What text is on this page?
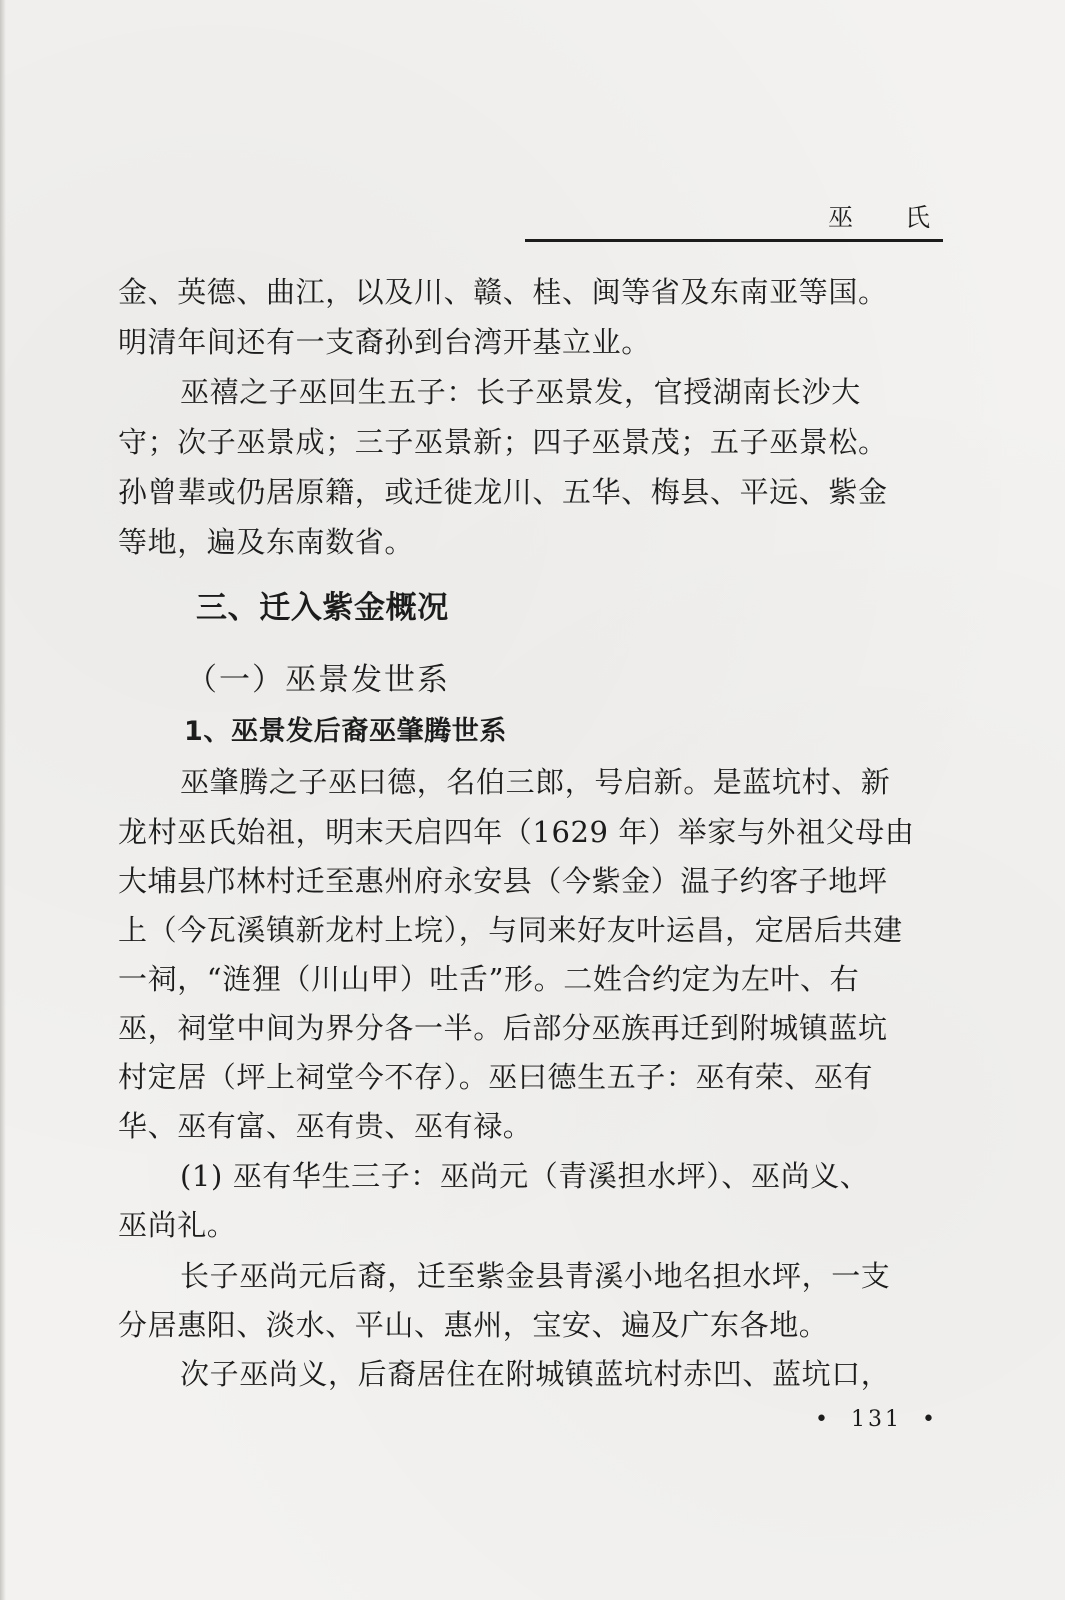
巫 氏
金、英德、曲江，以及川、赣、桂、闽等省及东南亚等国。
明清年间还有一支裔孙到台湾开基立业。
巫禧之子巫回生五子：长子巫景发，官授湖南长沙大
守；次子巫景成；三子巫景新；四子巫景茂；五子巫景松。
孙曾辈或仍居原籍，或迁徙龙川、五华、梅县、平远、紫金
等地，遍及东南数省。
三、迁入紫金概况
（一）巫景发世系
1、巫景发后裔巫肇腾世系
巫肇腾之子巫曰德，名伯三郎，号启新。是蓝坑村、新
龙村巫氏始祖，明末天启四年（1629 年）举家与外祖父母由
大埔县邝林村迁至惠州府永安县（今紫金）温子约客子地坪
上（今瓦溪镇新龙村上垸），与同来好友叶运昌，定居后共建
一祠，“涟狸（川山甲）吐舌”形。二姓合约定为左叶、右
巫，祠堂中间为界分各一半。后部分巫族再迁到附城镇蓝坑
村定居（坪上祠堂今不存）。巫曰德生五子：巫有荣、巫有
华、巫有富、巫有贵、巫有禄。
(1) 巫有华生三子：巫尚元（青溪担水坪）、巫尚义、
巫尚礼。
长子巫尚元后裔，迁至紫金县青溪小地名担水坪，一支
分居惠阳、淡水、平山、惠州，宝安、遍及广东各地。
次子巫尚义，后裔居住在附城镇蓝坑村赤凹、蓝坑口，
• 131 •
